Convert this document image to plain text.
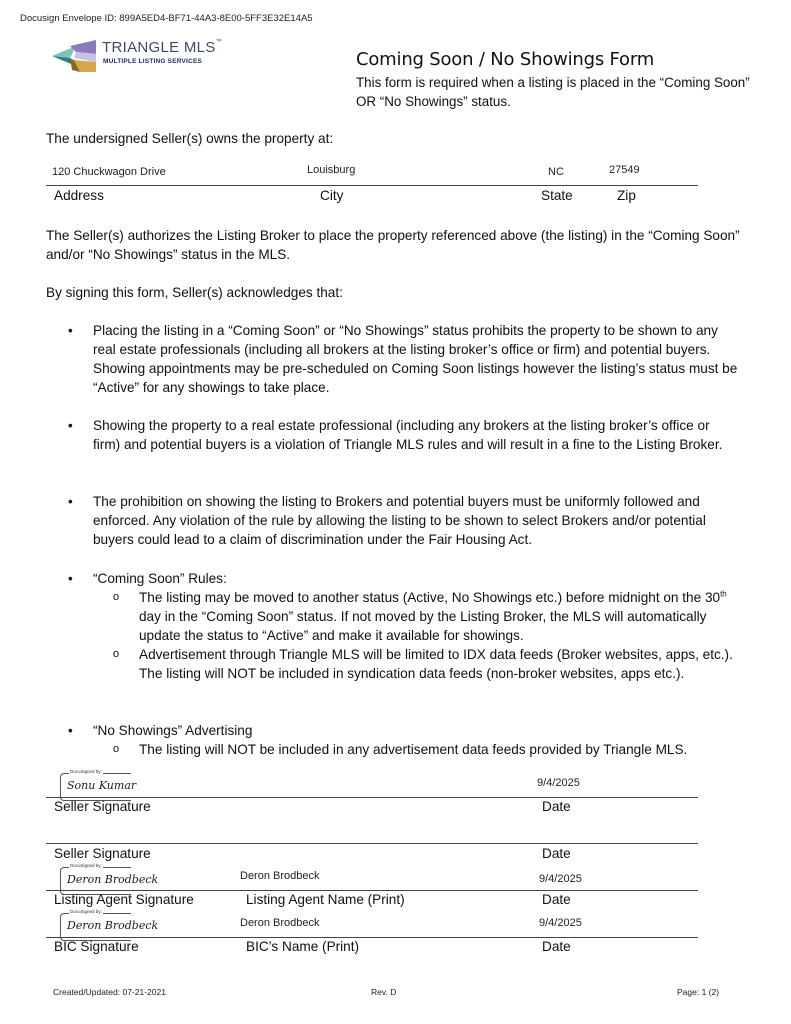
Docusign Envelope ID: 899A5ED4-BF71-44A3-8E00-5FF3E32E14A5
TRIANGLE MLS™
MULTIPLE LISTING SERVICES	Coming Soon / No Showings Form
This form is required when a listing is placed in the “Coming Soon” OR “No Showings” status.
The undersigned Seller(s) owns the property at:
120 Chuckwagon Drive	Louisburg	NC	27549
Address	City	State	Zip
The Seller(s) authorizes the Listing Broker to place the property referenced above (the listing) in the “Coming Soon” and/or “No Showings” status in the MLS.
By signing this form, Seller(s) acknowledges that:
• Placing the listing in a “Coming Soon” or “No Showings” status prohibits the property to be shown to any real estate professionals (including all brokers at the listing broker’s office or firm) and potential buyers. Showing appointments may be pre-scheduled on Coming Soon listings however the listing’s status must be “Active” for any showings to take place.
• Showing the property to a real estate professional (including any brokers at the listing broker’s office or firm) and potential buyers is a violation of Triangle MLS rules and will result in a fine to the Listing Broker.
• The prohibition on showing the listing to Brokers and potential buyers must be uniformly followed and enforced. Any violation of the rule by allowing the listing to be shown to select Brokers and/or potential buyers could lead to a claim of discrimination under the Fair Housing Act.
• “Coming Soon” Rules:
o The listing may be moved to another status (Active, No Showings etc.) before midnight on the 30th day in the “Coming Soon” status. If not moved by the Listing Broker, the MLS will automatically update the status to “Active” and make it available for showings.
o Advertisement through Triangle MLS will be limited to IDX data feeds (Broker websites, apps, etc.). The listing will NOT be included in syndication data feeds (non-broker websites, apps etc.).
• “No Showings” Advertising
o The listing will NOT be included in any advertisement data feeds provided by Triangle MLS.
DocuSigned by:
Sonu Kumar	9/4/2025
Seller Signature	Date
Seller Signature	Date
DocuSigned by:
Deron Brodbeck	Deron Brodbeck	9/4/2025
Listing Agent Signature	Listing Agent Name (Print)	Date
DocuSigned by:
Deron Brodbeck	Deron Brodbeck	9/4/2025
BIC Signature	BIC’s Name (Print)	Date
Created/Updated: 07-21-2021	Rev. D	Page: 1 (2)
